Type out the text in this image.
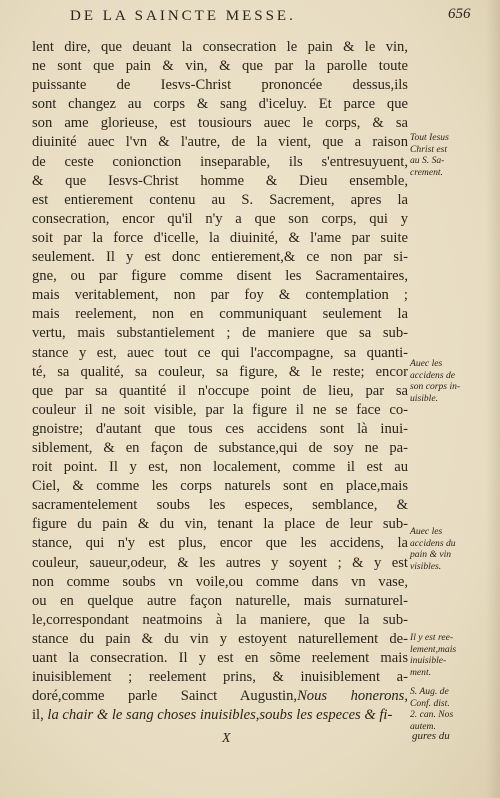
DE LA SAINCTE MESSE.	656
lent dire, que deuant la consecration le pain & le vin,
ne sont que pain & vin, & que par la parolle toute
puissante de Iesvs-Christ prononcée dessus,ils
sont changez au corps & sang d'iceluy. Et parce que
son ame glorieuse, est tousiours auec le corps, & sa
diuinité auec l'vn & l'autre, de la vient, que a raison
de ceste conionction inseparable, ils s'entresuyuent,
& que Iesvs-Christ homme & Dieu ensemble,
est entierement contenu au S. Sacrement, apres la
consecration, encor qu'il n'y a que son corps, qui y
soit par la force d'icelle, la diuinité, & l'ame par suite
seulement. Il y est donc entierement,& ce non par si-
gne, ou par figure comme disent les Sacramentaires,
mais veritablement, non par foy & contemplation ;
mais reelement, non en communiquant seulement la
vertu, mais substantielement ; de maniere que sa sub-
stance y est, auec tout ce qui l'accompagne, sa quanti-
té, sa qualité, sa couleur, sa figure, & le reste; encor
que par sa quantité il n'occupe point de lieu, par sa
couleur il ne soit visible, par la figure il ne se face co-
gnoistre; d'autant que tous ces accidens sont là inui-
siblement, & en façon de substance,qui de soy ne pa-
roit point. Il y est, non localement, comme il est au
Ciel, & comme les corps naturels sont en place,mais
sacramentelement soubs les especes, semblance, &
figure du pain & du vin, tenant la place de leur sub-
stance, qui n'y est plus, encor que les accidens, la
couleur, saueur,odeur, & les autres y soyent ; & y est
non comme soubs vn voile,ou comme dans vn vase,
ou en quelque autre façon naturelle, mais surnaturel-
le,correspondant neatmoins à la maniere, que la sub-
stance du pain & du vin y estoyent naturellement de-
uant la consecration. Il y est en sõme reelement mais
inuisiblement ; reelement prins, & inuisiblement a-
doré,comme parle Sainct Augustin,Nous honerons,
il, la chair & le sang choses inuisibles,soubs les especes & fi-
Tout Iesus
Christ est
au S. Sa-
crement.
Auec les
accidens de
son corps in-
uisible.
Auec les
accidens du
pain & vin
visibles.
Il y est ree-
lement,mais
inuisible-
ment.
S. Aug. de
Conf. dist.
2. can. Nos
autem.
X	gures du
